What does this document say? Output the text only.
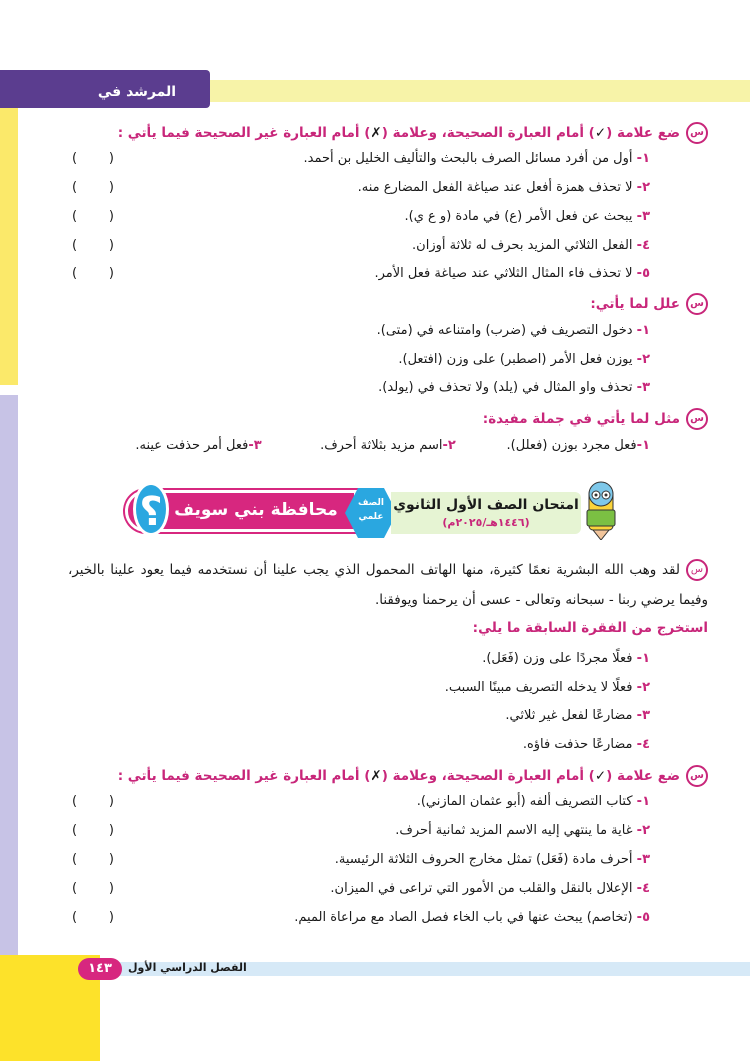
المرشد في الصرف
سضع علامة (✓) أمام العبارة الصحيحة، وعلامة (✗) أمام العبارة غير الصحيحة فيما يأتي :
١- أول من أفرد مسائل الصرف بالبحث والتأليف الخليل بن أحمد.
٢- لا تحذف همزة أفعل عند صياغة الفعل المضارع منه.
٣- يبحث عن فعل الأمر (ع) في مادة (و ع ي).
٤- الفعل الثلاثي المزيد بحرف له ثلاثة أوزان.
٥- لا تحذف فاء المثال الثلاثي عند صياغة فعل الأمر.
( )
( )
( )
( )
( )
سعلل لما يأتي:
١- دخول التصريف في (ضرب) وامتناعه في (متى).
٢- يوزن فعل الأمر (اصطبر) على وزن (افتعل).
٣- تحذف واو المثال في (يلد) ولا تحذف في (يولد).
سمثل لما يأتي في جملة مفيدة:
١-فعل مجرد بوزن (فعلل). ٢-اسم مزيد بثلاثة أحرف. ٣-فعل أمر حذفت عينه.
محافظة بني سويف
؟	الصف علمي
امتحان الصف الأول الثانوي
(١٤٤٦هـ/٢٠٢٥م)
سلقد وهب الله البشرية نعمًا كثيرة، منها الهاتف المحمول الذي يجب علينا أن نستخدمه فيما يعود علينا بالخير، وفيما يرضي ربنا - سبحانه وتعالى - عسى أن يرحمنا ويوفقنا.
استخرج من الفقرة السابقة ما يلي:
١- فعلًا مجردًا على وزن (فَعَل).
٢- فعلًا لا يدخله التصريف مبينًا السبب.
٣- مضارعًا لفعل غير ثلاثي.
٤- مضارعًا حذفت فاؤه.
سضع علامة (✓) أمام العبارة الصحيحة، وعلامة (✗) أمام العبارة غير الصحيحة فيما يأتي :
١- كتاب التصريف ألفه (أبو عثمان المازني).
٢- غاية ما ينتهي إليه الاسم المزيد ثمانية أحرف.
٣- أحرف مادة (فَعَل) تمثل مخارج الحروف الثلاثة الرئيسية.
٤- الإعلال بالنقل والقلب من الأمور التي تراعى في الميزان.
٥- (تخاصم) يبحث عنها في باب الخاء فصل الصاد مع مراعاة الميم.
( )
( )
( )
( )
( )
١٤٣	الفصل الدراسي الأول
